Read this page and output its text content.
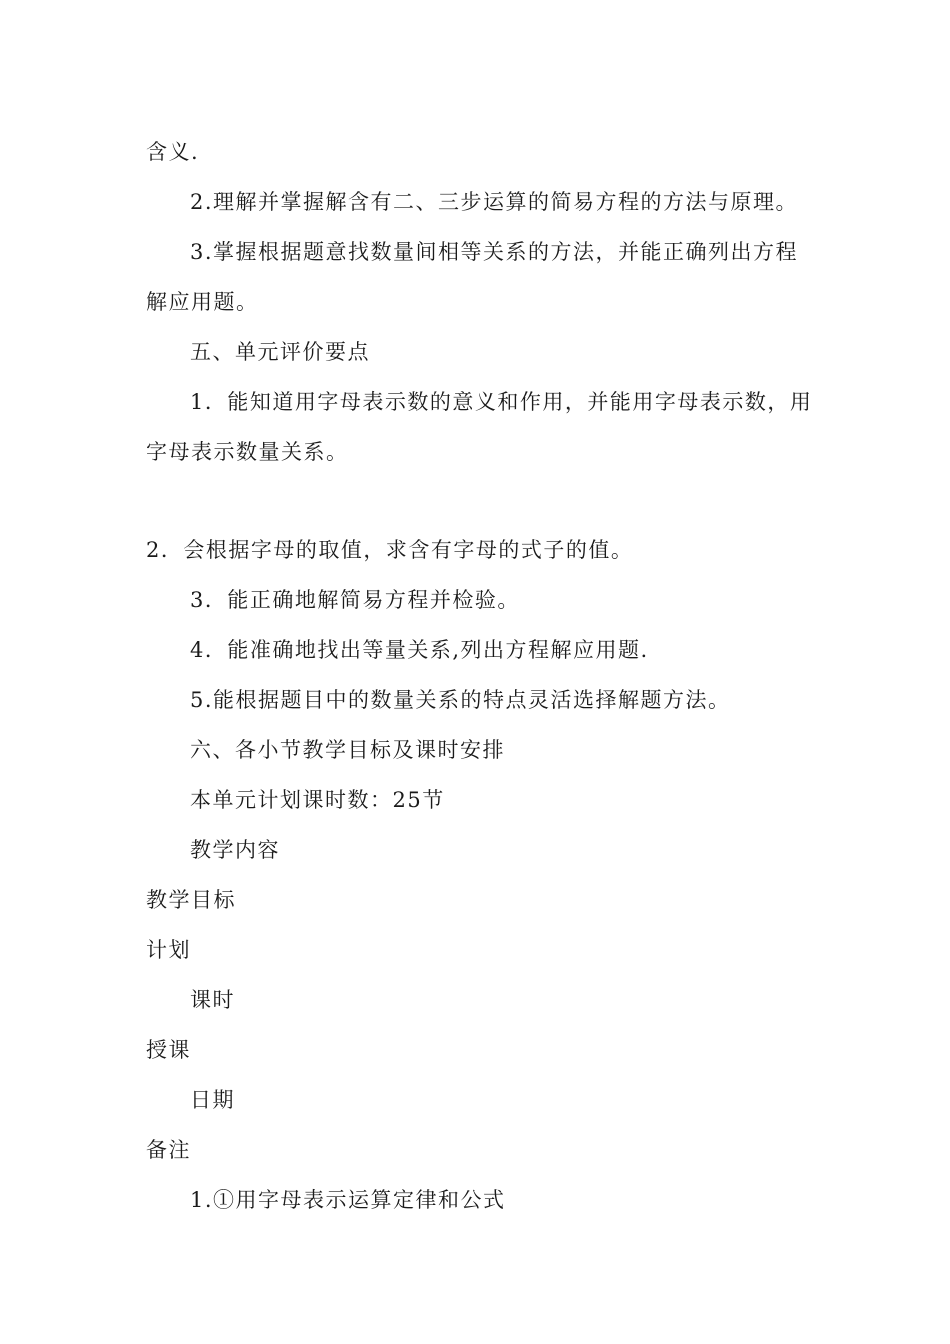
含义.
2.理解并掌握解含有二、三步运算的简易方程的方法与原理。
3.掌握根据题意找数量间相等关系的方法，并能正确列出方程
解应用题。
五、单元评价要点
1．能知道用字母表示数的意义和作用，并能用字母表示数，用
字母表示数量关系。
2．会根据字母的取值，求含有字母的式子的值。
3．能正确地解简易方程并检验。
4．能准确地找出等量关系,列出方程解应用题.
5.能根据题目中的数量关系的特点灵活选择解题方法。
六、各小节教学目标及课时安排
本单元计划课时数：25节
教学内容
教学目标
计划
课时
授课
日期
备注
1.①用字母表示运算定律和公式
